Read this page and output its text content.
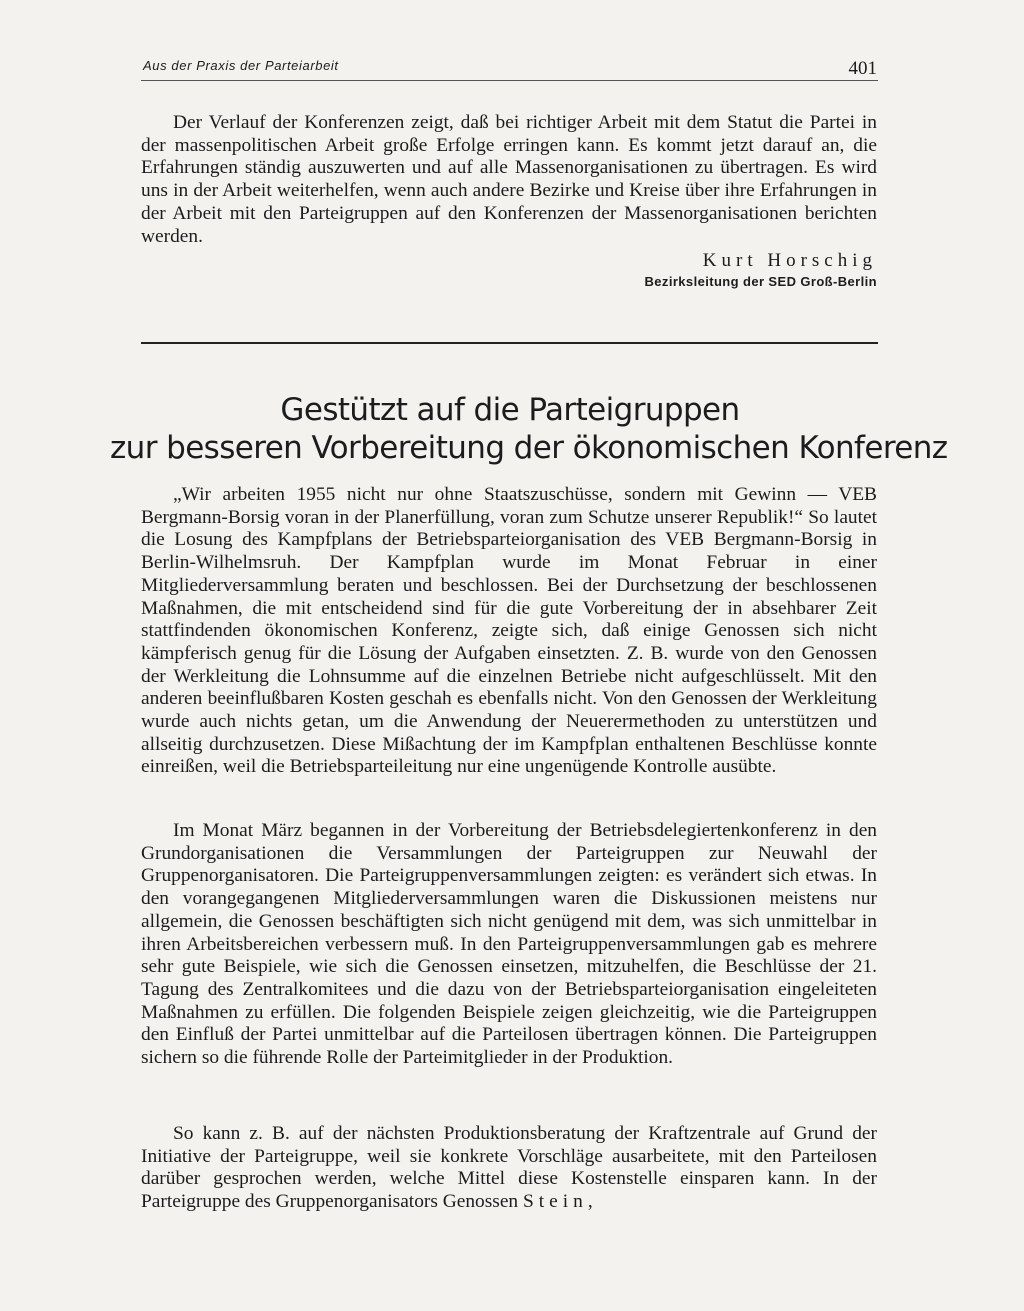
Aus der Praxis der Parteiarbeit	401

Der Verlauf der Konferenzen zeigt, daß bei richtiger Arbeit mit dem Statut die Partei in der massenpolitischen Arbeit große Erfolge erringen kann. Es kommt jetzt darauf an, die Erfahrungen ständig auszuwerten und auf alle Massenorganisationen zu übertragen. Es wird uns in der Arbeit weiterhelfen, wenn auch andere Bezirke und Kreise über ihre Erfahrungen in der Arbeit mit den Parteigruppen auf den Konferenzen der Massenorganisationen berichten werden.

Kurt Horschig
Bezirksleitung der SED Groß-Berlin
Gestützt auf die Parteigruppen
zur besseren Vorbereitung der ökonomischen Konferenz

„Wir arbeiten 1955 nicht nur ohne Staatszuschüsse, sondern mit Gewinn — VEB Bergmann-Borsig voran in der Planerfüllung, voran zum Schutze unserer Republik!“ So lautet die Losung des Kampfplans der Betriebsparteiorganisation des VEB Bergmann-Borsig in Berlin-Wilhelmsruh. Der Kampfplan wurde im Monat Februar in einer Mitgliederversammlung beraten und beschlossen. Bei der Durchsetzung der beschlossenen Maßnahmen, die mit entscheidend sind für die gute Vorbereitung der in absehbarer Zeit stattfindenden ökonomischen Konferenz, zeigte sich, daß einige Genossen sich nicht kämpferisch genug für die Lösung der Aufgaben einsetzten. Z. B. wurde von den Genossen der Werkleitung die Lohnsumme auf die einzelnen Betriebe nicht aufgeschlüsselt. Mit den anderen beeinflußbaren Kosten geschah es ebenfalls nicht. Von den Genossen der Werkleitung wurde auch nichts getan, um die Anwendung der Neuerermethoden zu unterstützen und allseitig durchzusetzen. Diese Mißachtung der im Kampfplan enthaltenen Beschlüsse konnte einreißen, weil die Betriebsparteileitung nur eine ungenügende Kontrolle ausübte.

Im Monat März begannen in der Vorbereitung der Betriebsdelegiertenkonferenz in den Grundorganisationen die Versammlungen der Parteigruppen zur Neuwahl der Gruppenorganisatoren. Die Parteigruppenversammlungen zeigten: es verändert sich etwas. In den vorangegangenen Mitgliederversammlungen waren die Diskussionen meistens nur allgemein, die Genossen beschäftigten sich nicht genügend mit dem, was sich unmittelbar in ihren Arbeitsbereichen verbessern muß. In den Parteigruppenversammlungen gab es mehrere sehr gute Beispiele, wie sich die Genossen einsetzen, mitzuhelfen, die Beschlüsse der 21. Tagung des Zentralkomitees und die dazu von der Betriebsparteiorganisation eingeleiteten Maßnahmen zu erfüllen. Die folgenden Beispiele zeigen gleichzeitig, wie die Parteigruppen den Einfluß der Partei unmittelbar auf die Parteilosen übertragen können. Die Parteigruppen sichern so die führende Rolle der Parteimitglieder in der Produktion.

So kann z. B. auf der nächsten Produktionsberatung der Kraftzentrale auf Grund der Initiative der Parteigruppe, weil sie konkrete Vorschläge ausarbeitete, mit den Parteilosen darüber gesprochen werden, welche Mittel diese Kostenstelle einsparen kann. In der Parteigruppe des Gruppenorganisators Genossen Stein,
